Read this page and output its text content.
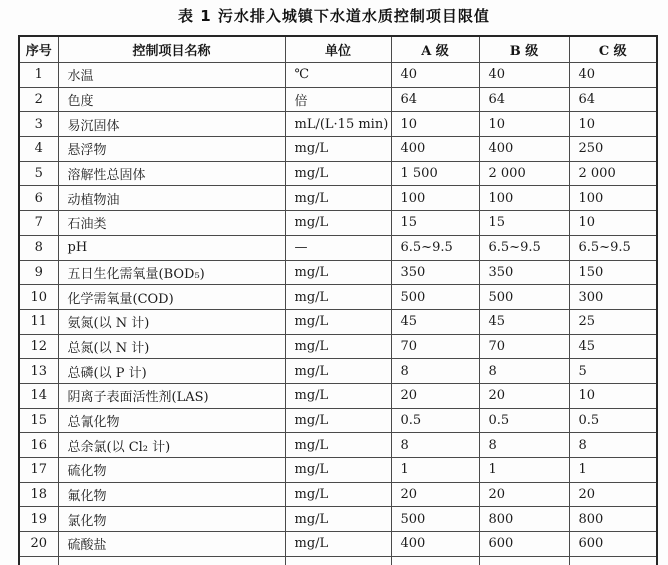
表 1 污水排入城镇下水道水质控制项目限值
序号	控制项目名称	单位	A 级	B 级	C 级
1	水温	℃	40	40	40
2	色度	倍	64	64	64
3	易沉固体	mL/(L·15 min)	10	10	10
4	悬浮物	mg/L	400	400	250
5	溶解性总固体	mg/L	1 500	2 000	2 000
6	动植物油	mg/L	100	100	100
7	石油类	mg/L	15	15	10
8	pH	—	6.5~9.5	6.5~9.5	6.5~9.5
9	五日生化需氧量(BOD₅)	mg/L	350	350	150
10	化学需氧量(COD)	mg/L	500	500	300
11	氨氮(以 N 计)	mg/L	45	45	25
12	总氮(以 N 计)	mg/L	70	70	45
13	总磷(以 P 计)	mg/L	8	8	5
14	阴离子表面活性剂(LAS)	mg/L	20	20	10
15	总氰化物	mg/L	0.5	0.5	0.5
16	总余氯(以 Cl₂ 计)	mg/L	8	8	8
17	硫化物	mg/L	1	1	1
18	氟化物	mg/L	20	20	20
19	氯化物	mg/L	500	800	800
20	硫酸盐	mg/L	400	600	600
